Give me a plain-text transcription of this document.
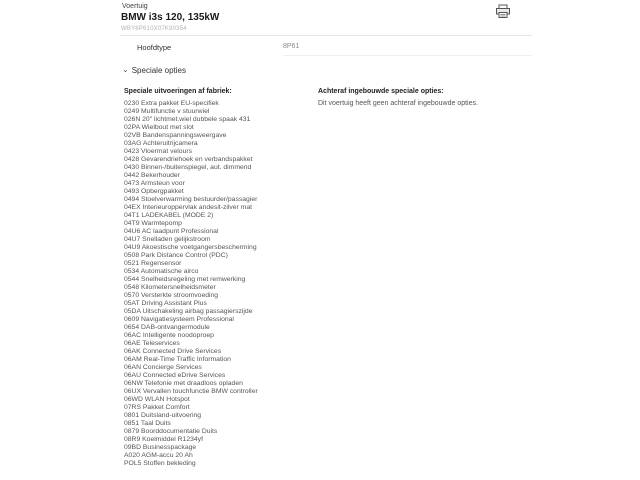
Voertuig
BMW i3s 120, 135kW
WBY8P610X07K90354
Hoofdtype	8P61
⌄ Speciale opties
Speciale uitvoeringen af fabriek:
0230 Extra pakket EU-specifiek
0249 Multifunctie v stuurwiel
026N 20" lichtmet.wiel dubbele spaak 431
02PA Wielbout met slot
02VB Bandenspanningsweergave
03AG Achteruitrijcamera
0423 Vloermat velours
0428 Gevarendriehoek en verbandspakket
0430 Binnen-/buitenspiegel, aut. dimmend
0442 Bekerhouder
0473 Armsteun voor
0493 Opbergpakket
0494 Stoelverwarming bestuurder/passagier
04EX Interieuroppervlak andesit-zilver mat
04T1 LADEKABEL (MODE 2)
04T9 Warmtepomp
04U6 AC laadpunt Professional
04U7 Snelladen gelijkstroom
04U9 Akoestische voetgangersbescherming
0508 Park Distance Control (PDC)
0521 Regensensor
0534 Automatische airco
0544 Snelheidsregeling met remwerking
0548 Kilometersnelheidsmeter
0570 Versterkte stroomvoeding
05AT Driving Assistant Plus
05DA Uitschakeling airbag passagierszijde
0609 Navigatiesysteem Professional
0654 DAB-ontvangermodule
06AC Intelligente noodoproep
06AE Teleservices
06AK Connected Drive Services
06AM Real-Time Traffic Information
06AN Concierge Services
06AU Connected eDrive Services
06NW Telefonie met draadloos opladen
06UX Vervallen touchfunctie BMW controller
06WD WLAN Hotspot
07RS Pakket Comfort
0801 Duitsland-uitvoering
0851 Taal Duits
0879 Boorddocumentatie Duits
08R9 Koelmiddel R1234yf
09BD Businesspackage
A020 AGM-accu 20 Ah
POL5 Stoffen bekleding
Achteraf ingebouwde speciale opties:
Dit voertuig heeft geen achteraf ingebouwde opties.
